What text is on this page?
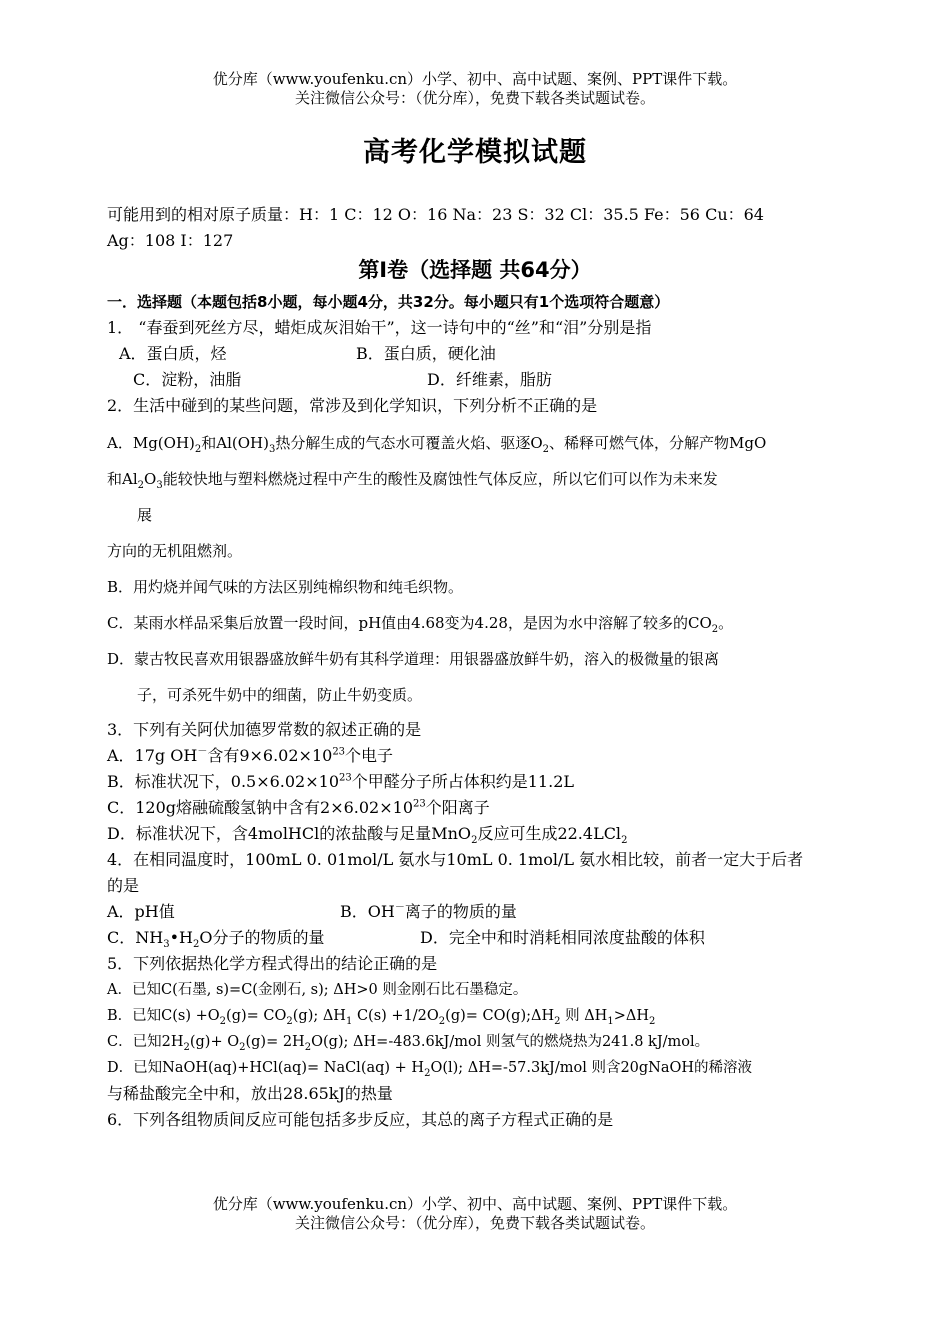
优分库（www.youfenku.cn）小学、初中、高中试题、案例、PPT课件下载。
关注微信公众号：（优分库），免费下载各类试题试卷。
高考化学模拟试题
可能用到的相对原子质量：H：1 C：12 O：16 Na：23 S：32 Cl：35.5 Fe：56 Cu：64
Ag：108 I：127
第Ⅰ卷（选择题 共64分）
一．选择题（本题包括8小题，每小题4分，共32分。每小题只有1个选项符合题意）
1． “春蚕到死丝方尽，蜡炬成灰泪始干”，这一诗句中的“丝”和“泪”分别是指
A．蛋白质，烃	B．蛋白质，硬化油
C．淀粉，油脂	D．纤维素，脂肪
2．生活中碰到的某些问题，常涉及到化学知识，下列分析不正确的是
A．$Mg(OH)_2$和$Al(OH)_3$热分解生成的气态水可覆盖火焰、驱逐$O_2$、稀释可燃气体，分解产物MgO
和$Al_2O_3$能较快地与塑料燃烧过程中产生的酸性及腐蚀性气体反应，所以它们可以作为未来发
展
方向的无机阻燃剂。
B．用灼烧并闻气味的方法区别纯棉织物和纯毛织物。
C．某雨水样品采集后放置一段时间，pH值由4.68变为4.28，是因为水中溶解了较多的$CO_2$。
D．蒙古牧民喜欢用银器盛放鲜牛奶有其科学道理：用银器盛放鲜牛奶，溶入的极微量的银离
子，可杀死牛奶中的细菌，防止牛奶变质。
3．下列有关阿伏加德罗常数的叙述正确的是
A．17g OH－含有$9\times 6.02\times 10^{23}$个电子
B．标准状况下，$0.5\times 6.02\times 10^{23}$个甲醛分子所占体积约是11.2L
C．120g熔融硫酸氢钠中含有$2\times 6.02\times 10^{23}$个阳离子
D．标准状况下，含4molHCl的浓盐酸与足量MnO$_2$反应可生成22.4LCl$_2$
4．在相同温度时，100mL 0. 01mol/L 氨水与10mL 0. 1mol/L 氨水相比较，前者一定大于后者
的是
A．pH值	B．OH－离子的物质的量
C．$NH_3•H_2O$分子的物质的量	D．完全中和时消耗相同浓度盐酸的体积
5．下列依据热化学方程式得出的结论正确的是
A．已知C(石墨, s)=C(金刚石, s); ΔH>0 则金刚石比石墨稳定。
B．已知$C(s) +O_2(g)= CO_2(g)$; $\Delta H_1$ $C(s) +1/2O_2(g)=$ $CO(g);\Delta H_2$ 则 $\Delta H_1>\Delta H_2$
C．已知$2H_2(g)+ O_2(g)= 2H_2O(g)$; ΔH=-483.6kJ/mol 则氢气的燃烧热为241.8 kJ/mol。
D．已知NaOH(aq)+HCl(aq)= NaCl(aq) + $H_2O(l)$; ΔH=-57.3kJ/mol 则含20gNaOH的稀溶液
与稀盐酸完全中和，放出28.65kJ的热量
6．下列各组物质间反应可能包括多步反应，其总的离子方程式正确的是
优分库（www.youfenku.cn）小学、初中、高中试题、案例、PPT课件下载。
关注微信公众号：（优分库），免费下载各类试题试卷。
